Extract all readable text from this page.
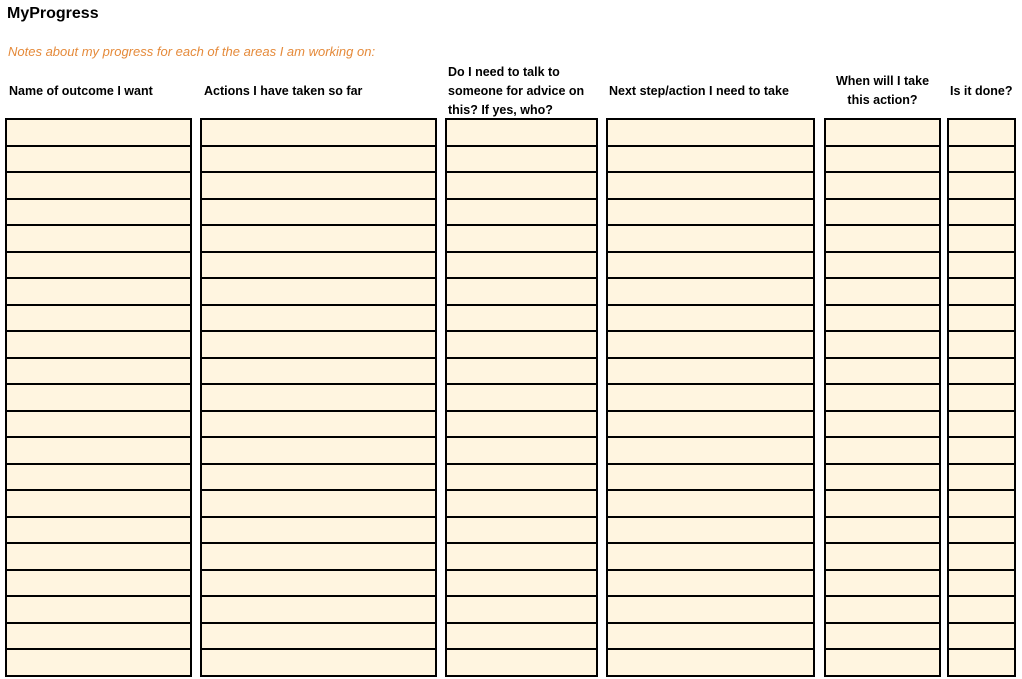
MyProgress
Notes about my progress for each of the areas I am working on:
Name of outcome I want	Actions I have taken so far
Do I need to talk to
someone for advice on
this? If yes, who?
Next step/action I need to take
When will I take
this action?
Is it done?
